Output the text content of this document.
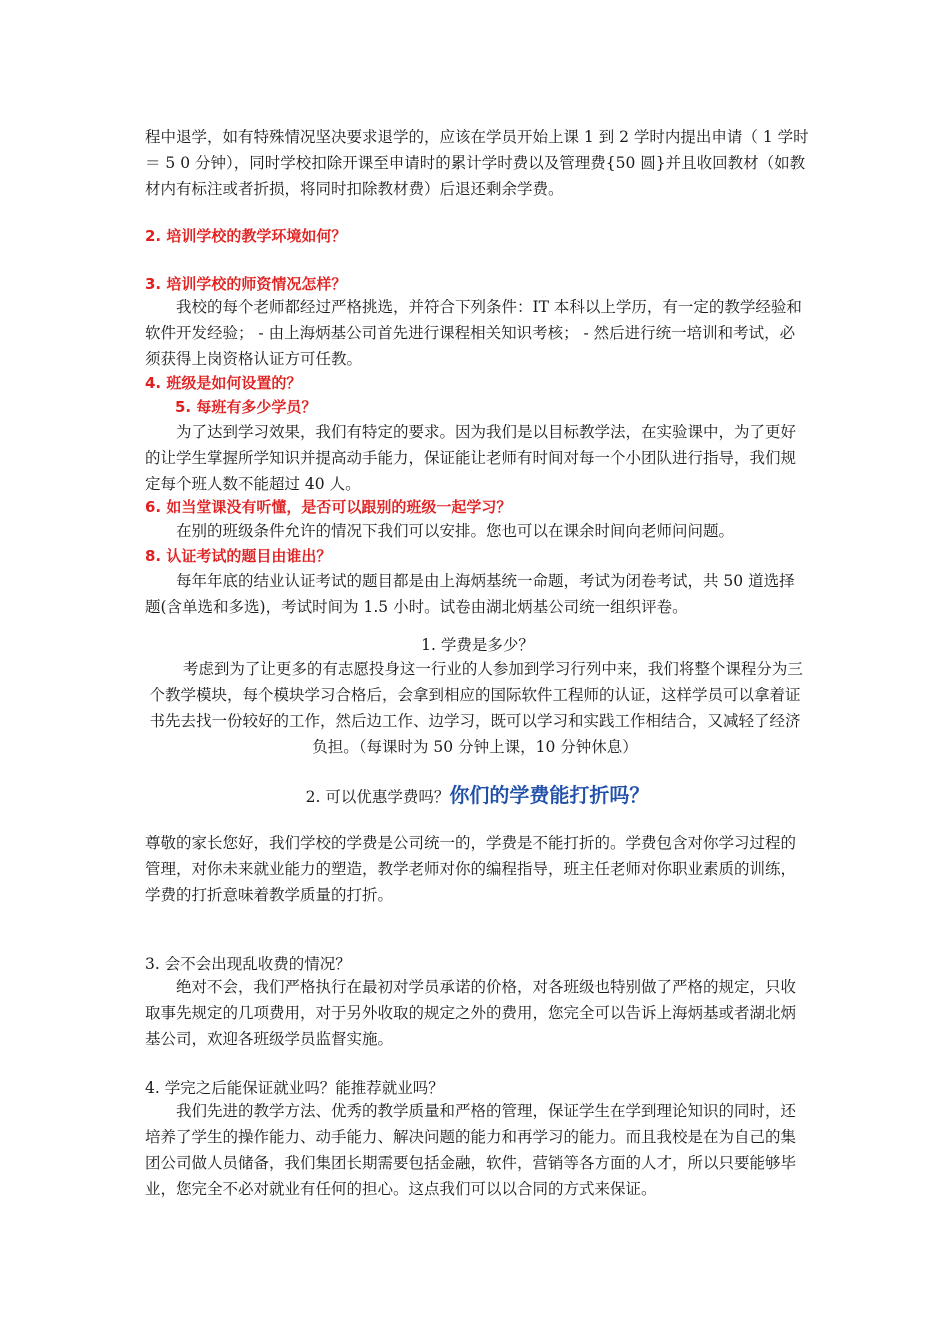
程中退学，如有特殊情况坚决要求退学的，应该在学员开始上课 1 到 2 学时内提出申请（ 1 学时＝ 5 0 分钟），同时学校扣除开课至申请时的累计学时费以及管理费{50 圆}并且收回教材（如教材内有标注或者折损，将同时扣除教材费）后退还剩余学费。

2. 培训学校的教学环境如何？

3. 培训学校的师资情况怎样？

我校的每个老师都经过严格挑选，并符合下列条件：IT 本科以上学历，有一定的教学经验和软件开发经验； - 由上海炳基公司首先进行课程相关知识考核； - 然后进行统一培训和考试，必须获得上岗资格认证方可任教。

4. 班级是如何设置的？

5. 每班有多少学员？

为了达到学习效果，我们有特定的要求。因为我们是以目标教学法，在实验课中，为了更好的让学生掌握所学知识并提高动手能力，保证能让老师有时间对每一个小团队进行指导，我们规定每个班人数不能超过 40 人。

6. 如当堂课没有听懂，是否可以跟别的班级一起学习？

在别的班级条件允许的情况下我们可以安排。您也可以在课余时间向老师问问题。

8. 认证考试的题目由谁出？

每年年底的结业认证考试的题目都是由上海炳基统一命题，考试为闭卷考试，共 50 道选择题(含单选和多选)，考试时间为 1.5 小时。试卷由湖北炳基公司统一组织评卷。

1. 学费是多少？

考虑到为了让更多的有志愿投身这一行业的人参加到学习行列中来，我们将整个课程分为三个教学模块，每个模块学习合格后，会拿到相应的国际软件工程师的认证，这样学员可以拿着证书先去找一份较好的工作，然后边工作、边学习，既可以学习和实践工作相结合，又减轻了经济负担。（每课时为 50 分钟上课，10 分钟休息）

2. 可以优惠学费吗？你们的学费能打折吗？

尊敬的家长您好，我们学校的学费是公司统一的，学费是不能打折的。学费包含对你学习过程的管理，对你未来就业能力的塑造，教学老师对你的编程指导，班主任老师对你职业素质的训练，学费的打折意味着教学质量的打折。

3. 会不会出现乱收费的情况？

绝对不会，我们严格执行在最初对学员承诺的价格，对各班级也特别做了严格的规定，只收取事先规定的几项费用，对于另外收取的规定之外的费用，您完全可以告诉上海炳基或者湖北炳基公司，欢迎各班级学员监督实施。

4. 学完之后能保证就业吗？能推荐就业吗？

我们先进的教学方法、优秀的教学质量和严格的管理，保证学生在学到理论知识的同时，还培养了学生的操作能力、动手能力、解决问题的能力和再学习的能力。而且我校是在为自己的集团公司做人员储备，我们集团长期需要包括金融，软件，营销等各方面的人才，所以只要能够毕业，您完全不必对就业有任何的担心。这点我们可以以合同的方式来保证。
